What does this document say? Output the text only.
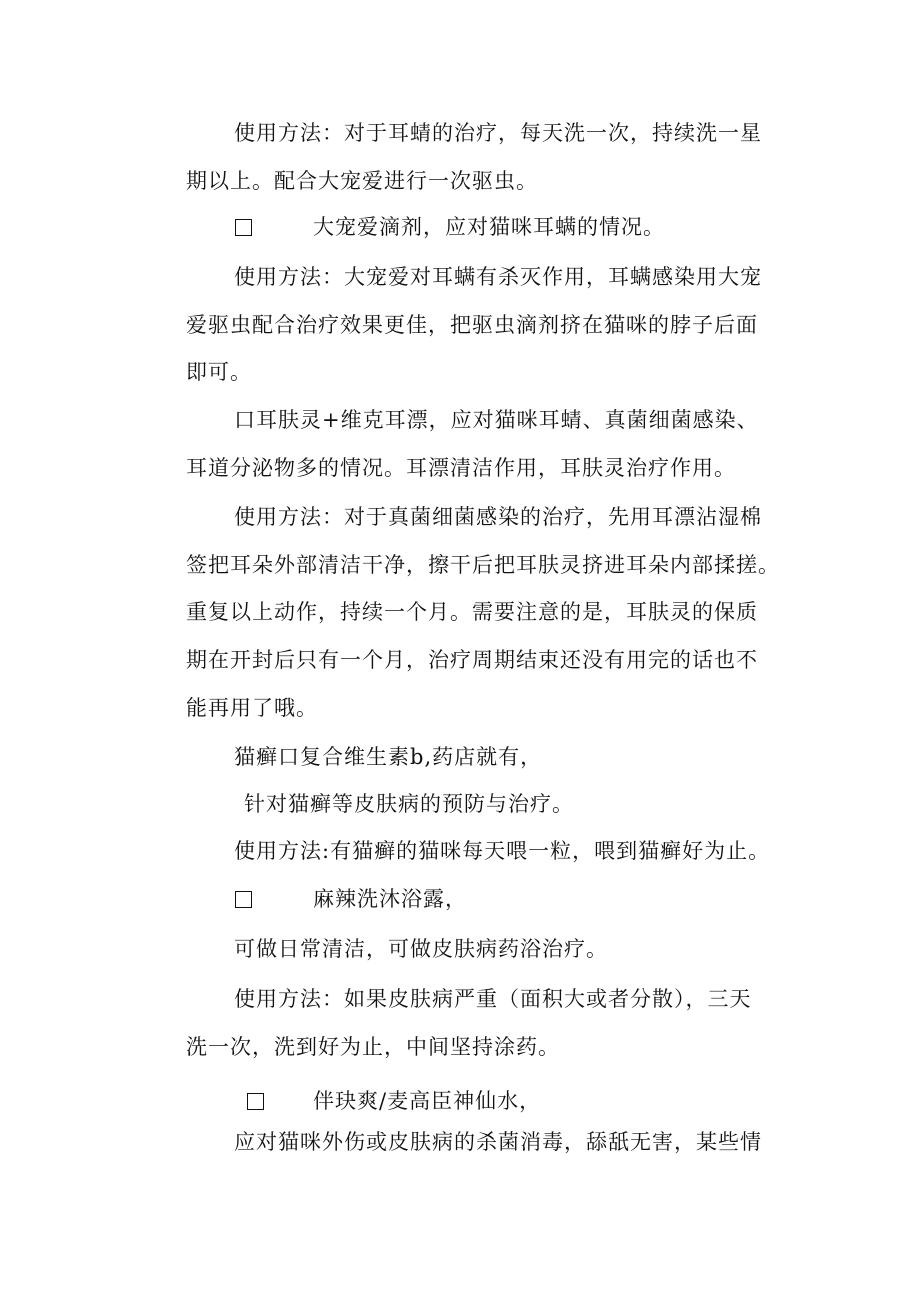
使用方法：对于耳蜻的治疗，每天洗一次，持续洗一星
期以上。配合大宠爱进行一次驱虫。
大宠爱滴剂，应对猫咪耳螨的情况。
使用方法：大宠爱对耳螨有杀灭作用，耳螨感染用大宠
爱驱虫配合治疗效果更佳，把驱虫滴剂挤在猫咪的脖子后面
即可。
口耳肤灵+维克耳漂，应对猫咪耳蜻、真菌细菌感染、
耳道分泌物多的情况。耳漂清洁作用，耳肤灵治疗作用。
使用方法：对于真菌细菌感染的治疗，先用耳漂沾湿棉
签把耳朵外部清洁干净，擦干后把耳肤灵挤进耳朵内部揉搓。
重复以上动作，持续一个月。需要注意的是，耳肤灵的保质
期在开封后只有一个月，治疗周期结束还没有用完的话也不
能再用了哦。
猫癣口复合维生素b,药店就有，
针对猫癣等皮肤病的预防与治疗。
使用方法:有猫癣的猫咪每天喂一粒，喂到猫癣好为止。
麻辣洗沐浴露，
可做日常清洁，可做皮肤病药浴治疗。
使用方法：如果皮肤病严重（面积大或者分散），三天
洗一次，洗到好为止，中间坚持涂药。
伴玦爽/麦高臣神仙水，
应对猫咪外伤或皮肤病的杀菌消毒，舔舐无害，某些情
